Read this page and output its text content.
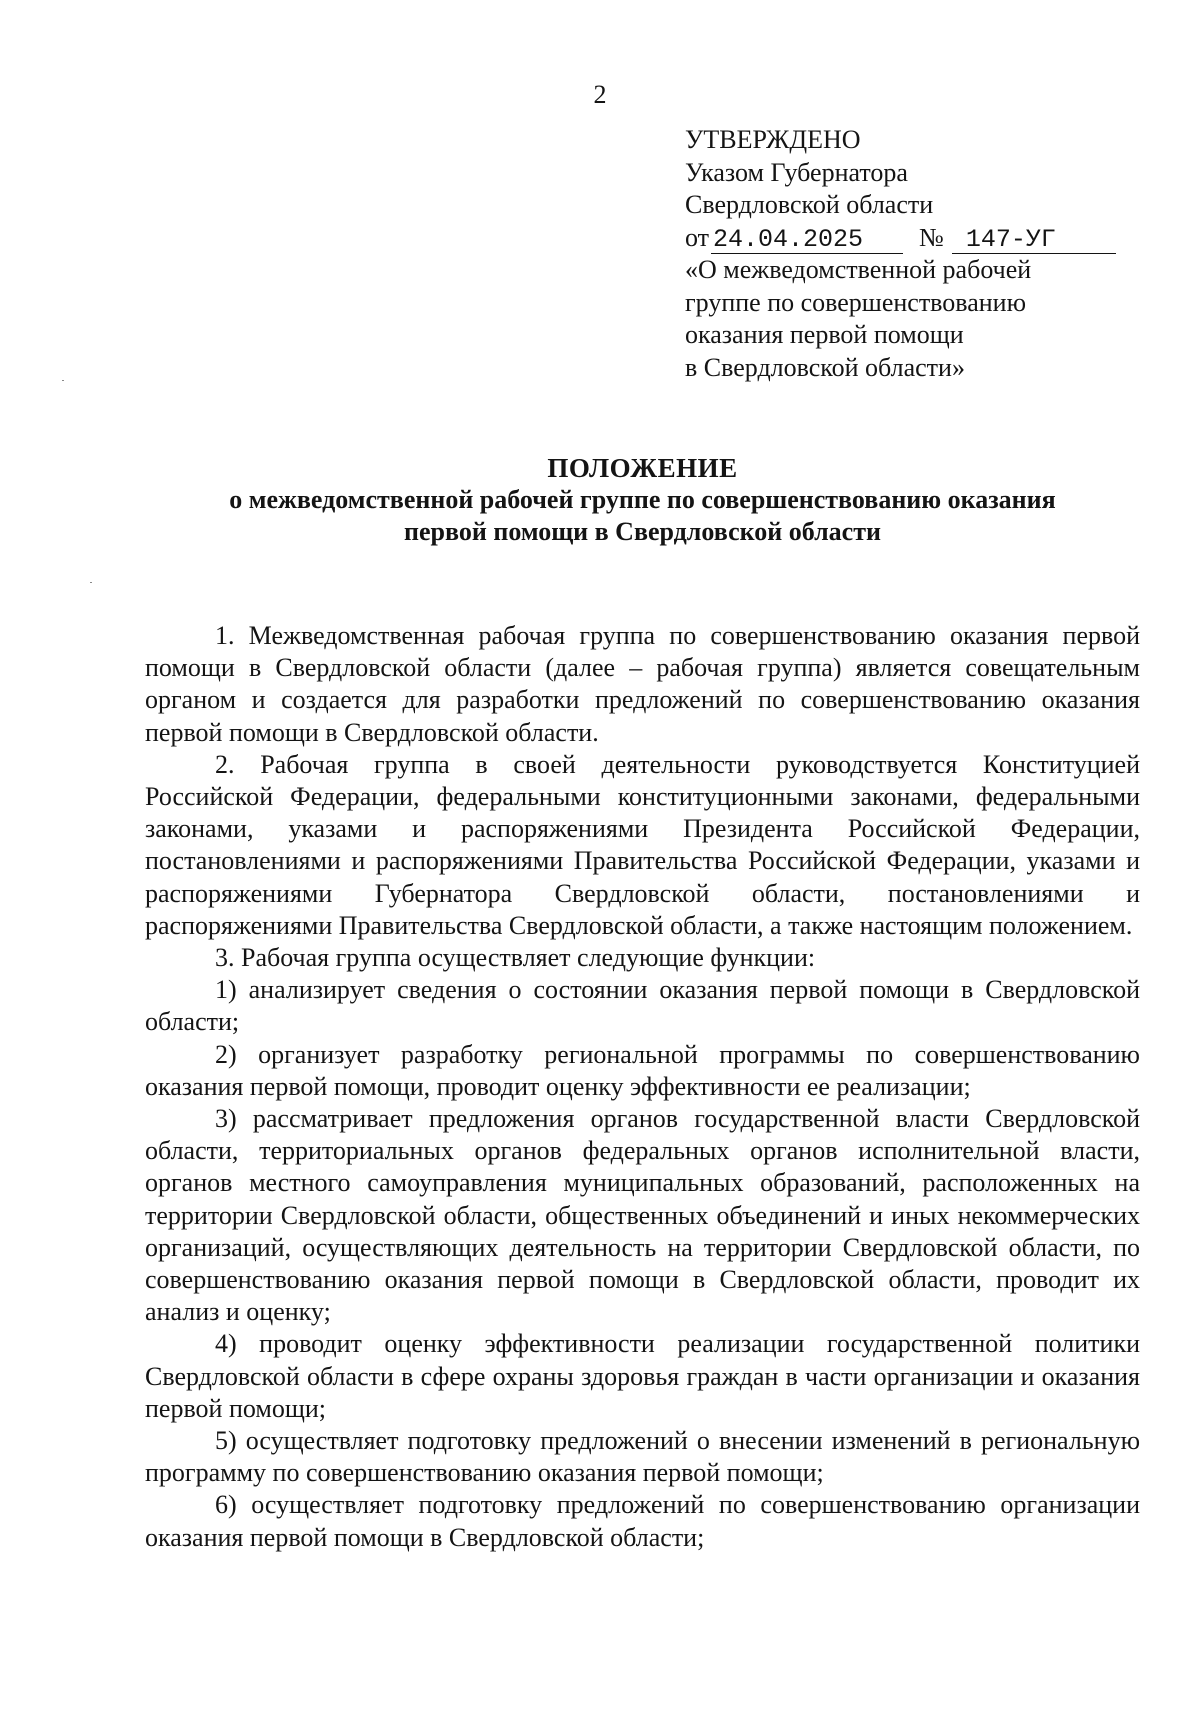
2
УТВЕРЖДЕНО
Указом Губернатора
Свердловской области
от 24.04.2025 № 147-УГ
«О межведомственной рабочей
группе по совершенствованию
оказания первой помощи
в Свердловской области»
ПОЛОЖЕНИЕ
о межведомственной рабочей группе по совершенствованию оказания
первой помощи в Свердловской области

1. Межведомственная рабочая группа по совершенствованию оказания первой помощи в Свердловской области (далее – рабочая группа) является совещательным органом и создается для разработки предложений по совершенствованию оказания первой помощи в Свердловской области.

2. Рабочая группа в своей деятельности руководствуется Конституцией Российской Федерации, федеральными конституционными законами, федеральными законами, указами и распоряжениями Президента Российской Федерации, постановлениями и распоряжениями Правительства Российской Федерации, указами и распоряжениями Губернатора Свердловской области, постановлениями и распоряжениями Правительства Свердловской области, а также настоящим положением.

3. Рабочая группа осуществляет следующие функции:

1) анализирует сведения о состоянии оказания первой помощи в Свердловской области;

2) организует разработку региональной программы по совершенствованию оказания первой помощи, проводит оценку эффективности ее реализации;

3) рассматривает предложения органов государственной власти Свердловской области, территориальных органов федеральных органов исполнительной власти, органов местного самоуправления муниципальных образований, расположенных на территории Свердловской области, общественных объединений и иных некоммерческих организаций, осуществляющих деятельность на территории Свердловской области, по совершенствованию оказания первой помощи в Свердловской области, проводит их анализ и оценку;

4) проводит оценку эффективности реализации государственной политики Свердловской области в сфере охраны здоровья граждан в части организации и оказания первой помощи;

5) осуществляет подготовку предложений о внесении изменений в региональную программу по совершенствованию оказания первой помощи;

6) осуществляет подготовку предложений по совершенствованию организации оказания первой помощи в Свердловской области;
